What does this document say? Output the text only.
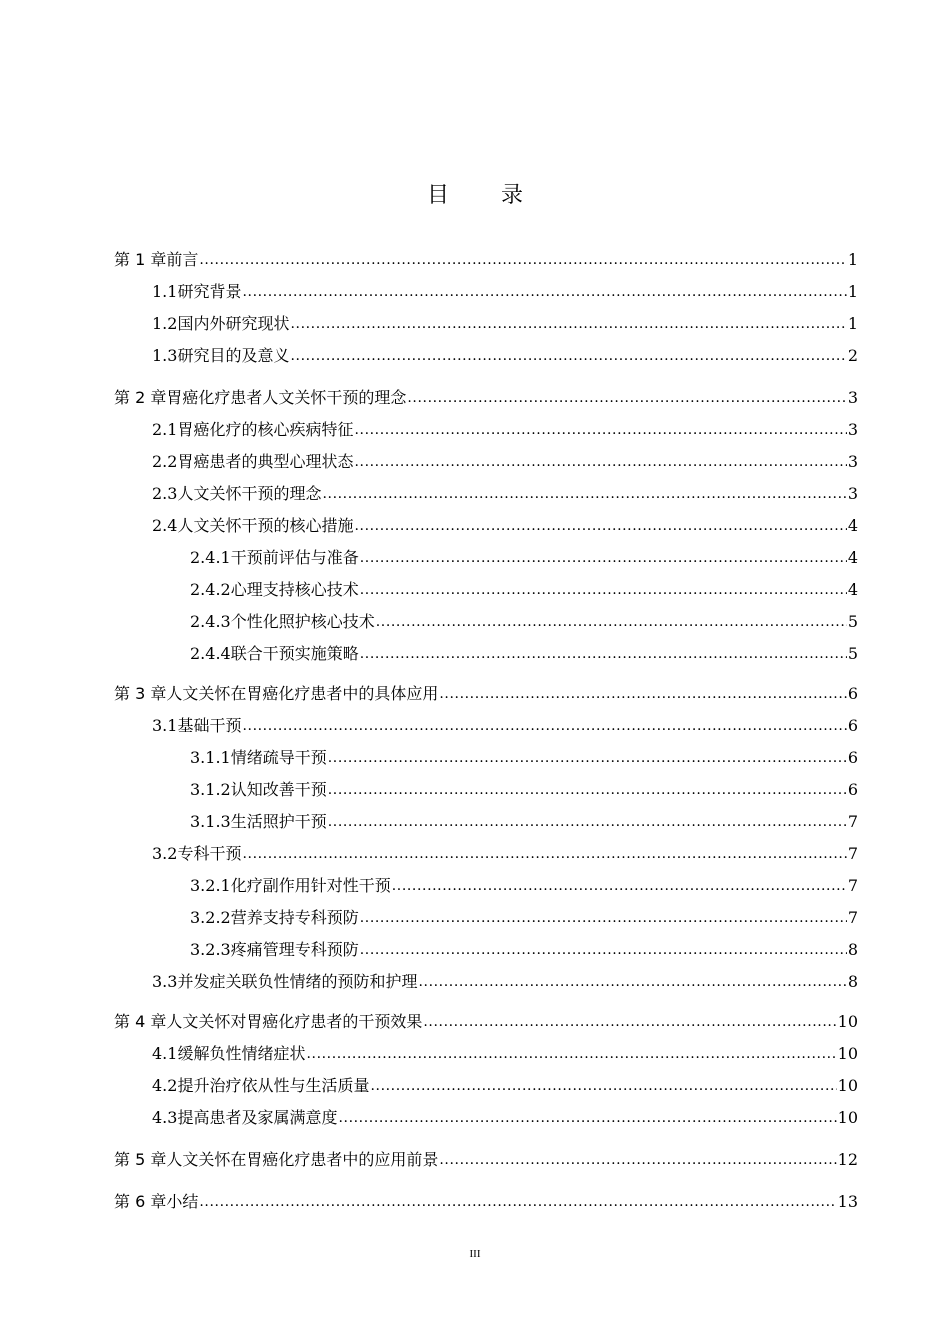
目 录
第 1 章 前言 .....	1
1.1 研究背景 .....	1
1.2 国内外研究现状 .....	1
1.3 研究目的及意义 .....	2
第 2 章 胃癌化疗患者人文关怀干预的理念 .....	3
2.1 胃癌化疗的核心疾病特征 .....	3
2.2 胃癌患者的典型心理状态 .....	3
2.3 人文关怀干预的理念 .....	3
2.4 人文关怀干预的核心措施 .....	4
2.4.1 干预前评估与准备 .....	4
2.4.2 心理支持核心技术 .....	4
2.4.3 个性化照护核心技术 .....	5
2.4.4 联合干预实施策略 .....	5
第 3 章 人文关怀在胃癌化疗患者中的具体应用 .....	6
3.1 基础干预 .....	6
3.1.1 情绪疏导干预 .....	6
3.1.2 认知改善干预 .....	6
3.1.3 生活照护干预 .....	7
3.2 专科干预 .....	7
3.2.1 化疗副作用针对性干预 .....	7
3.2.2 营养支持专科预防 .....	7
3.2.3 疼痛管理专科预防 .....	8
3.3 并发症关联负性情绪的预防和护理 .....	8
第 4 章 人文关怀对胃癌化疗患者的干预效果 .....	10
4.1 缓解负性情绪症状 .....	10
4.2 提升治疗依从性与生活质量 .....	10
4.3 提高患者及家属满意度 .....	10
第 5 章 人文关怀在胃癌化疗患者中的应用前景 .....	12
第 6 章 小结 .....	13
III
